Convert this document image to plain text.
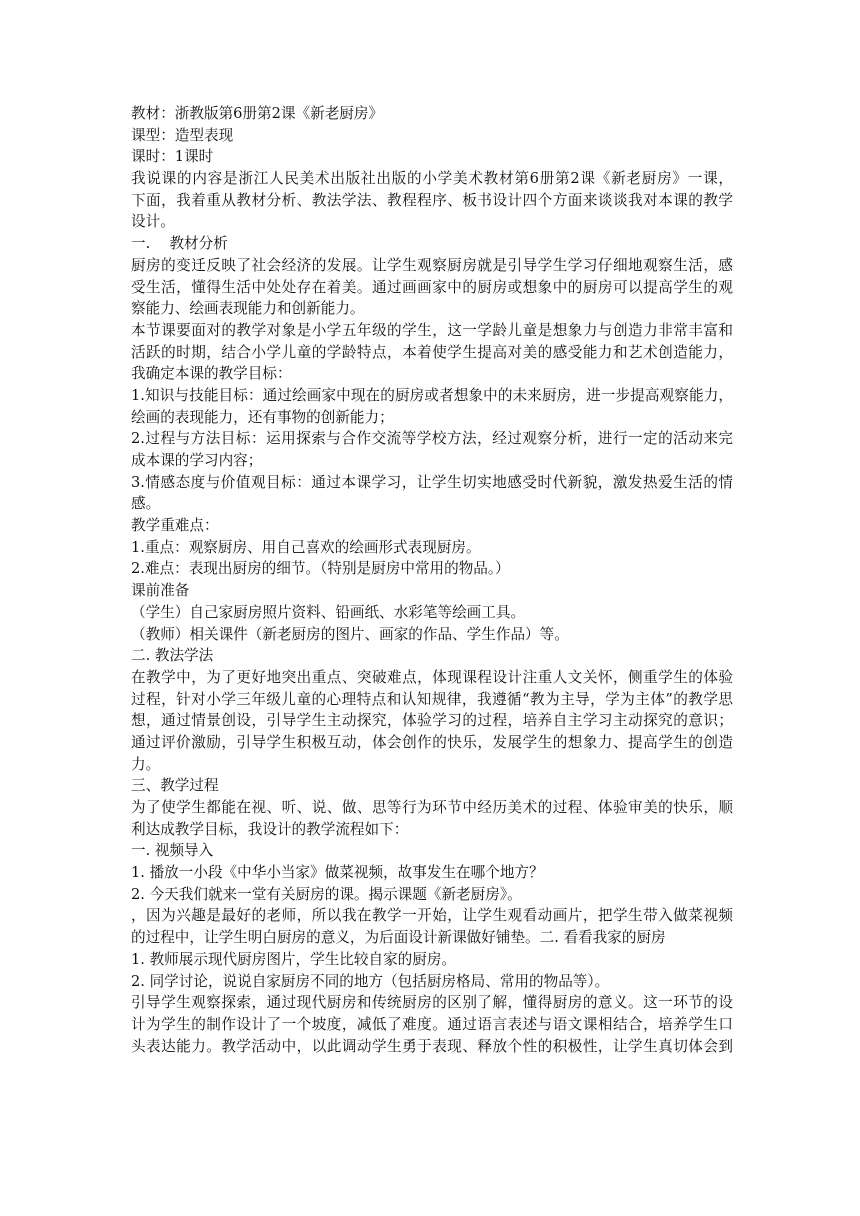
教材：浙教版第6册第2课《新老厨房》
课型：造型表现
课时：1课时
我说课的内容是浙江人民美术出版社出版的小学美术教材第6册第2课《新老厨房》一课，
下面，我着重从教材分析、教法学法、教程程序、板书设计四个方面来谈谈我对本课的教学
设计。
一.　 教材分析
厨房的变迁反映了社会经济的发展。让学生观察厨房就是引导学生学习仔细地观察生活，感
受生活，懂得生活中处处存在着美。通过画画家中的厨房或想象中的厨房可以提高学生的观
察能力、绘画表现能力和创新能力。
本节课要面对的教学对象是小学五年级的学生，这一学龄儿童是想象力与创造力非常丰富和
活跃的时期，结合小学儿童的学龄特点，本着使学生提高对美的感受能力和艺术创造能力，
我确定本课的教学目标：
1.知识与技能目标：通过绘画家中现在的厨房或者想象中的未来厨房，进一步提高观察能力，
绘画的表现能力，还有事物的创新能力；
2.过程与方法目标：运用探索与合作交流等学校方法，经过观察分析，进行一定的活动来完
成本课的学习内容；
3.情感态度与价值观目标：通过本课学习，让学生切实地感受时代新貌，激发热爱生活的情
感。
教学重难点：
1.重点：观察厨房、用自己喜欢的绘画形式表现厨房。
2.难点：表现出厨房的细节。（特别是厨房中常用的物品。）
课前准备
（学生）自己家厨房照片资料、铅画纸、水彩笔等绘画工具。
（教师）相关课件（新老厨房的图片、画家的作品、学生作品）等。
二. 教法学法
在教学中，为了更好地突出重点、突破难点，体现课程设计注重人文关怀，侧重学生的体验
过程，针对小学三年级儿童的心理特点和认知规律，我遵循“教为主导，学为主体”的教学思
想，通过情景创设，引导学生主动探究，体验学习的过程，培养自主学习主动探究的意识；
通过评价激励，引导学生积极互动，体会创作的快乐，发展学生的想象力、提高学生的创造
力。
三、教学过程
为了使学生都能在视、听、说、做、思等行为环节中经历美术的过程、体验审美的快乐，顺
利达成教学目标，我设计的教学流程如下：
一. 视频导入
1. 播放一小段《中华小当家》做菜视频，故事发生在哪个地方？
2. 今天我们就来一堂有关厨房的课。揭示课题《新老厨房》。
，因为兴趣是最好的老师，所以我在教学一开始，让学生观看动画片，把学生带入做菜视频
的过程中，让学生明白厨房的意义，为后面设计新课做好铺垫。二. 看看我家的厨房
1. 教师展示现代厨房图片，学生比较自家的厨房。
2. 同学讨论，说说自家厨房不同的地方（包括厨房格局、常用的物品等）。
引导学生观察探索，通过现代厨房和传统厨房的区别了解，懂得厨房的意义。这一环节的设
计为学生的制作设计了一个坡度，减低了难度。通过语言表述与语文课相结合，培养学生口
头表达能力。教学活动中，以此调动学生勇于表现、释放个性的积极性，让学生真切体会到
